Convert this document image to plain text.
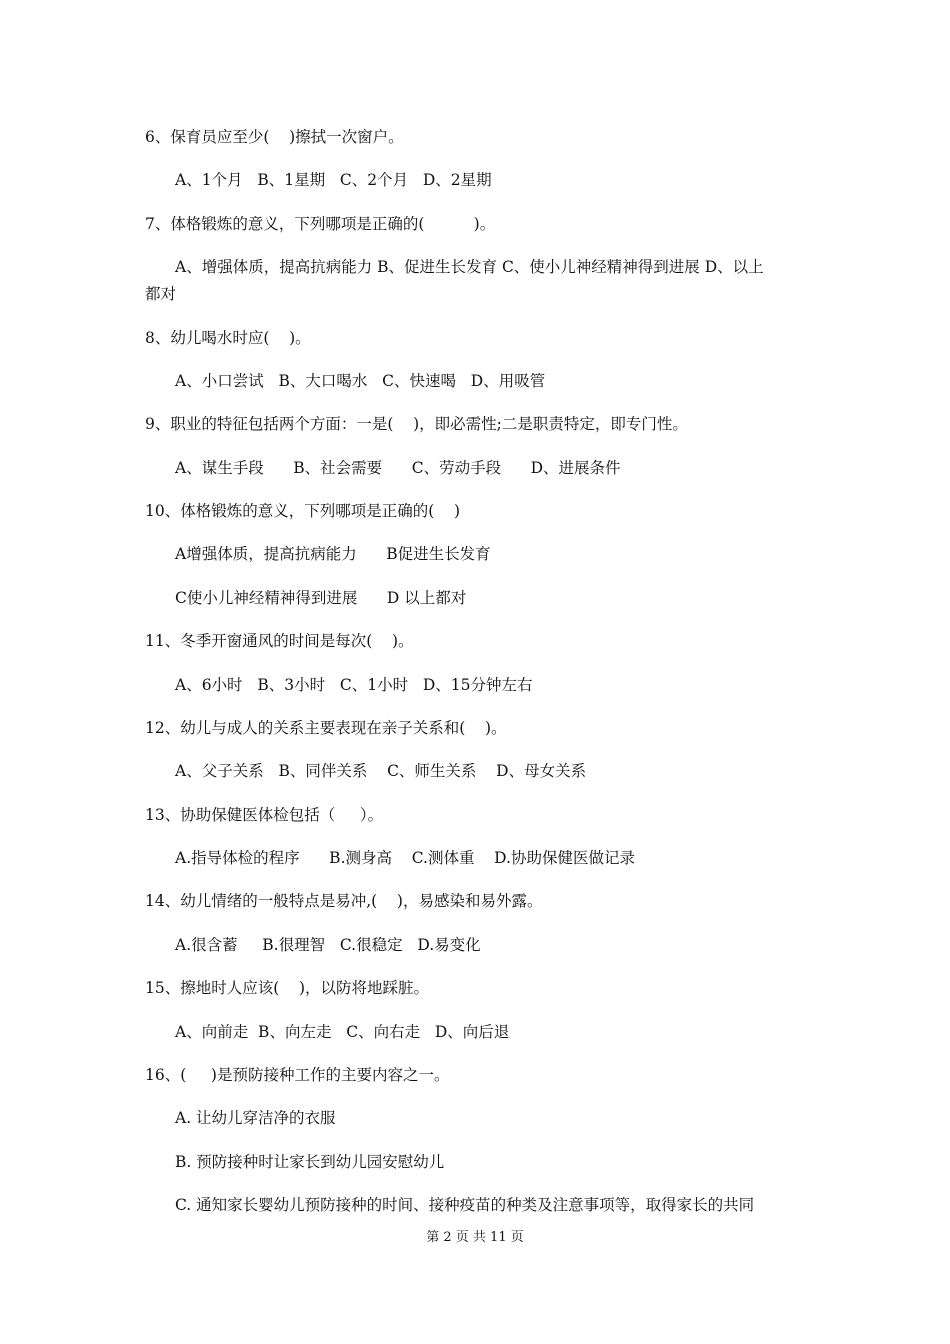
6、保育员应至少(    )擦拭一次窗户。
A、1个月   B、1星期   C、2个月   D、2星期
7、体格锻炼的意义，下列哪项是正确的(          )。
A、增强体质，提高抗病能力 B、促进生长发育 C、使小儿神经精神得到进展 D、以上
都对
8、幼儿喝水时应(    )。
A、小口尝试   B、大口喝水   C、快速喝   D、用吸管
9、职业的特征包括两个方面：一是(    )，即必需性;二是职责特定，即专门性。
A、谋生手段      B、社会需要      C、劳动手段      D、进展条件
10、体格锻炼的意义，下列哪项是正确的(    )
A增强体质，提高抗病能力      B促进生长发育
C使小儿神经精神得到进展      D 以上都对
11、冬季开窗通风的时间是每次(    )。
A、6小时   B、3小时   C、1小时   D、15分钟左右
12、幼儿与成人的关系主要表现在亲子关系和(    )。
A、父子关系   B、同伴关系    C、师生关系    D、母女关系
13、协助保健医体检包括（     ）。
A.指导体检的程序      B.测身高    C.测体重    D.协助保健医做记录
14、幼儿情绪的一般特点是易冲,(    )，易感染和易外露。
A.很含蓄     B.很理智   C.很稳定   D.易变化
15、擦地时人应该(    )，以防将地踩脏。
A、向前走  B、向左走   C、向右走   D、向后退
16、(     )是预防接种工作的主要内容之一。
A. 让幼儿穿洁净的衣服
B. 预防接种时让家长到幼儿园安慰幼儿
C. 通知家长婴幼儿预防接种的时间、接种疫苗的种类及注意事项等，取得家长的共同
第 2 页 共 11 页
